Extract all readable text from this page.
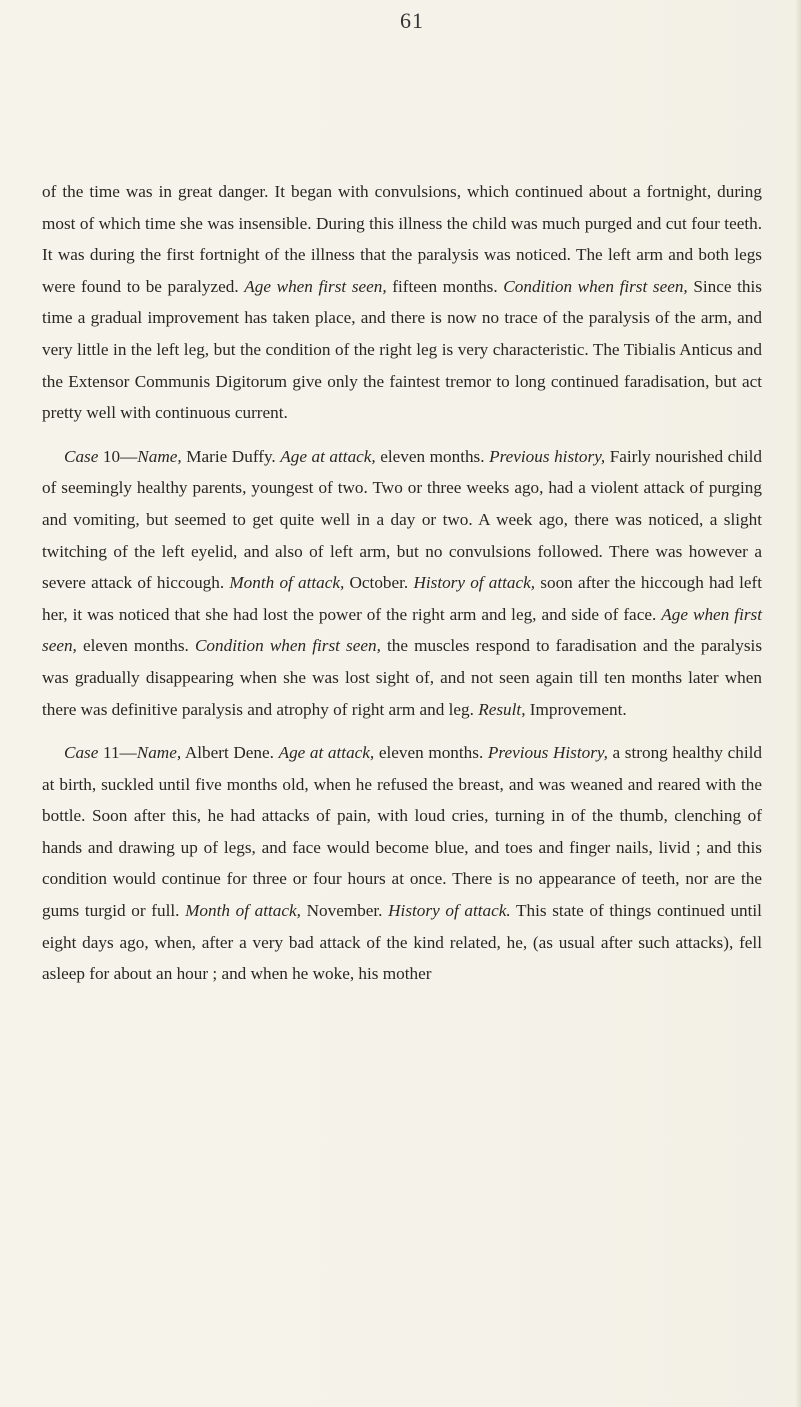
61

of the time was in great danger. It began with convulsions, which continued about a fortnight, during most of which time she was insensible. During this illness the child was much purged and cut four teeth. It was during the first fortnight of the illness that the paralysis was noticed. The left arm and both legs were found to be paralyzed. Age when first seen, fifteen months. Condition when first seen, Since this time a gradual improvement has taken place, and there is now no trace of the paralysis of the arm, and very little in the left leg, but the condition of the right leg is very characteristic. The Tibialis Anticus and the Extensor Communis Digitorum give only the faintest tremor to long continued faradisation, but act pretty well with continuous current.

Case 10—Name, Marie Duffy. Age at attack, eleven months. Previous history, Fairly nourished child of seemingly healthy parents, youngest of two. Two or three weeks ago, had a violent attack of purging and vomiting, but seemed to get quite well in a day or two. A week ago, there was noticed, a slight twitching of the left eyelid, and also of left arm, but no convulsions followed. There was however a severe attack of hiccough. Month of attack, October. History of attack, soon after the hiccough had left her, it was noticed that she had lost the power of the right arm and leg, and side of face. Age when first seen, eleven months. Condition when first seen, the muscles respond to faradisation and the paralysis was gradually disappearing when she was lost sight of, and not seen again till ten months later when there was definitive paralysis and atrophy of right arm and leg. Result, Improvement.

Case 11—Name, Albert Dene. Age at attack, eleven months. Previous History, a strong healthy child at birth, suckled until five months old, when he refused the breast, and was weaned and reared with the bottle. Soon after this, he had attacks of pain, with loud cries, turning in of the thumb, clenching of hands and drawing up of legs, and face would become blue, and toes and finger nails, livid ; and this condition would continue for three or four hours at once. There is no appearance of teeth, nor are the gums turgid or full. Month of attack, November. History of attack. This state of things continued until eight days ago, when, after a very bad attack of the kind related, he, (as usual after such attacks), fell asleep for about an hour ; and when he woke, his mother
